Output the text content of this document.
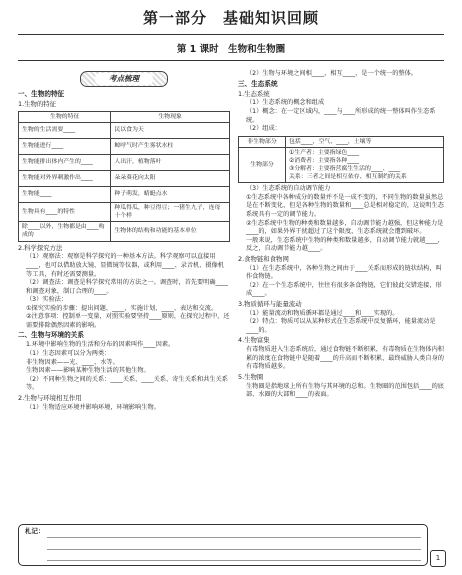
第一部分　基础知识回顾
第 1 课时　生物和生物圈
考点梳理
一、生物的特征
1.生物的特征
生物的特征	生物现象
生物的生活需要____	民以食为天
生物能进行____	鲸呼气时产生雾状水柱
生物能排出体内产生的____	人出汗，植物落叶
生物能对外界刺激作出____	朵朵葵花向太阳
生物能____	种子萌发，蜻蜓点水
生物具有____的特性	种瓜得瓜，种豆得豆；一猪生九子，连母十个样
除____以外，生物都是由____构成的	生物体的结构和功能的基本单位

2.科学探究方法

（1）观察法：观察是科学探究的一种基本方法。科学观察可以直接用____，也可以借助放大镜、显微镜等仪器，或利用____、录音机、摄像机等工具，有时还需要测量。

（2）调查法：调查是科学探究常用的方法之一。调查时，首先要明确____和调查对象，制订合理的____。

（3）实验法：

①探究实验的步骤：提出问题、____、实施计划、____、表达和交流。

②注意事项：控制单一变量，对照实验要坚持____原则，在探究过程中，还需要排除偶然因素的影响。

二、生物与环境的关系

1.环境中影响生物的生活和分布的因素叫作____因素。

（1）生态因素可以分为两类：

非生物因素——光、____、水等。

生物因素——影响某种生物生活的其他生物。

（2）不同种生物之间的关系：____关系、____关系、寄生关系和共生关系等。

2.生物与环境相互作用

（1）生物适应环境并影响环境，环境影响生物。

（2）生物与环境之间相____，相互____，是一个统一的整体。

三、生态系统

1.生态系统

（1）生态系统的概念和组成

（1）概念：在一定区域内，____与____所形成的统一整体叫作生态系统。

（2）组成：

非生物部分	包括____，空气、____，土壤等
生物部分	①生产者：主要指绿色____
②消费者：主要指各种____
③分解者：主要指营腐生生活的____、____
关系：三者之间是相互依存、相互制约的关系

（3）生态系统的自动调节能力

①生态系统中各种成分的数量并不是一成不变的，不同生物的数量虽然总是在不断变化，但是各种生物的数量和____总是相对稳定的，这说明生态系统具有一定的调节能力。

②生态系统中生物的种类和数量越多，自动调节能力越强，但这种能力是____的，如果外界干扰超过了这个限度，生态系统就会遭到破坏。

一般来说，生态系统中生物的种类和数量越多，自动调节能力就越____，反之，自动调节能力越____。

2.食物链和食物网

（1）在生态系统中，各种生物之间由于____关系而形成的链状结构，叫作食物链。

（2）在一个生态系统中，往往有很多条食物链，它们彼此交错连接，形成____。

3.物质循环与能量流动

（1）能量流动和物质循环都是通过____和____实现的。

（2）特点：物质可以从某种形式在生态系统中反复循环，能量流动是____的。

4.生物富集

有毒物质进入生态系统后，通过食物链不断积累，有毒物质在生物体内积累的浓度在食物链中是随着____的升高而不断积累，最终威胁人类自身的有毒物质越多。

5.生物圈

生物圈是指地球上所有生物与其环境的总和。生物圈的范围包括____的底部、水圈的大部和____的表面。

札记：
1
